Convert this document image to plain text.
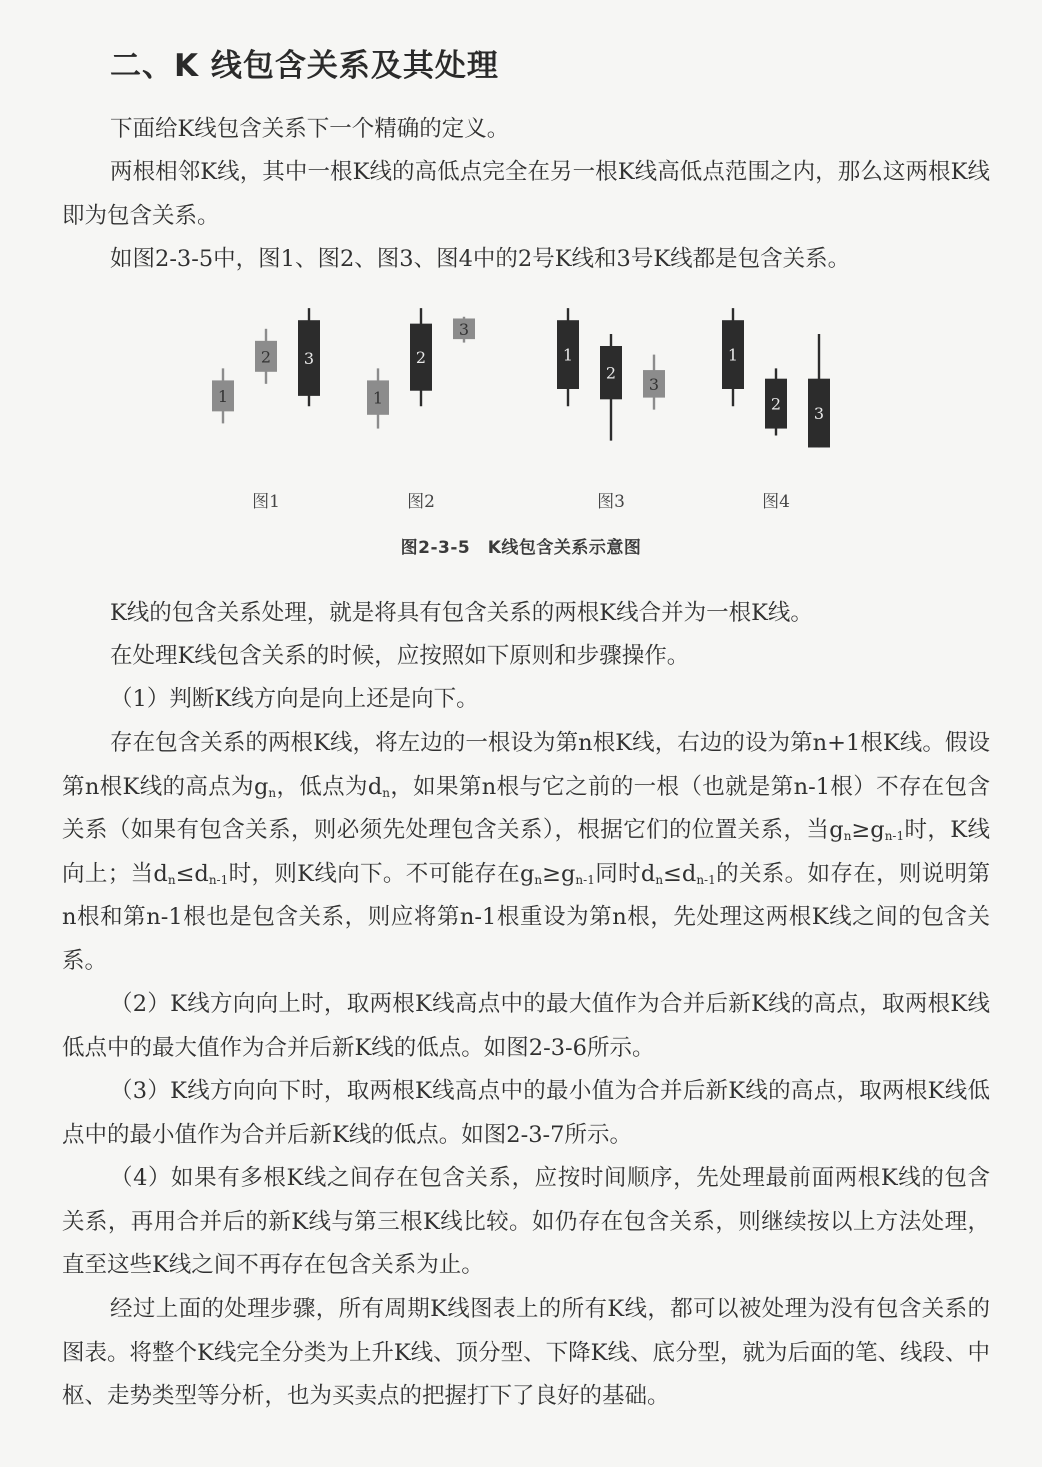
二、K 线包含关系及其处理

下面给K线包含关系下一个精确的定义。

两根相邻K线，其中一根K线的高低点完全在另一根K线高低点范围之内，那么这两根K线即为包含关系。

如图2-3-5中，图1、图2、图3、图4中的2号K线和3号K线都是包含关系。

1
2 3
图1
1
2
3
图2
1
2
3
图3
1
2 3
图4
图2-3-5　K线包含关系示意图

K线的包含关系处理，就是将具有包含关系的两根K线合并为一根K线。

在处理K线包含关系的时候，应按照如下原则和步骤操作。

（1）判断K线方向是向上还是向下。

存在包含关系的两根K线，将左边的一根设为第n根K线，右边的设为第n+1根K线。假设第n根K线的高点为$g_n$，低点为$d_n$，如果第n根与它之前的一根（也就是第n-1根）不存在包含关系（如果有包含关系，则必须先处理包含关系），根据它们的位置关系，当$g_n\ge g_{n-1}$时，K线向上；当$d_n\le d_{n-1}$时，则K线向下。不可能存在$g_n\ge g_{n-1}$同时$d_n\le d_{n-1}$的关系。如存在，则说明第n根和第n-1根也是包含关系，则应将第n-1根重设为第n根，先处理这两根K线之间的包含关系。

（2）K线方向向上时，取两根K线高点中的最大值作为合并后新K线的高点，取两根K线低点中的最大值作为合并后新K线的低点。如图2-3-6所示。

（3）K线方向向下时，取两根K线高点中的最小值为合并后新K线的高点，取两根K线低点中的最小值作为合并后新K线的低点。如图2-3-7所示。

（4）如果有多根K线之间存在包含关系，应按时间顺序，先处理最前面两根K线的包含关系，再用合并后的新K线与第三根K线比较。如仍存在包含关系，则继续按以上方法处理，直至这些K线之间不再存在包含关系为止。

经过上面的处理步骤，所有周期K线图表上的所有K线，都可以被处理为没有包含关系的图表。将整个K线完全分类为上升K线、顶分型、下降K线、底分型，就为后面的笔、线段、中枢、走势类型等分析，也为买卖点的把握打下了良好的基础。
